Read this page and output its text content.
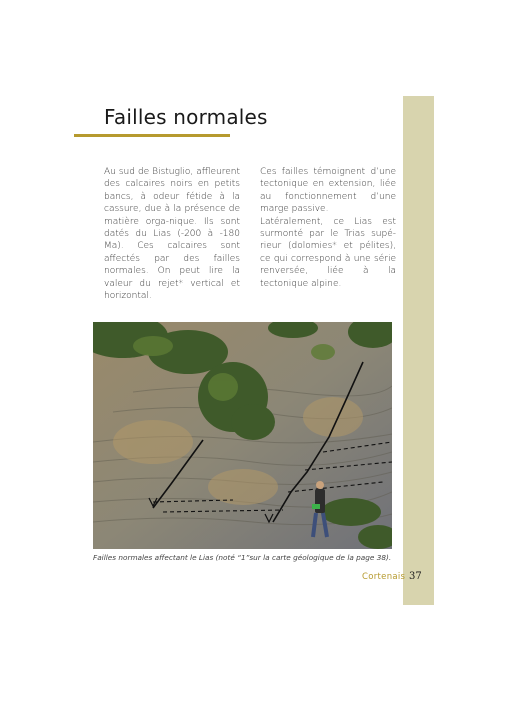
Failles normales

Au sud de Bistuglio, affleurent des calcaires noirs en petits bancs, à odeur fétide à la cassure, due à la présence de matière orga-nique. Ils sont datés du Lias (-200 à -180 Ma). Ces calcaires sont affectés par des failles normales. On peut lire la valeur du rejet* vertical et horizontal.

Ces failles témoignent d’une tectonique en extension, liée au fonctionnement d’une marge passive.

Latéralement, ce Lias est surmonté par le Trias supé-rieur (dolomies* et pélites), ce qui correspond à une série renversée, liée à la tectonique alpine.

Failles normales affectant le Lias (noté “1”sur la carte géologique de la page 38).
Cortenais 37
